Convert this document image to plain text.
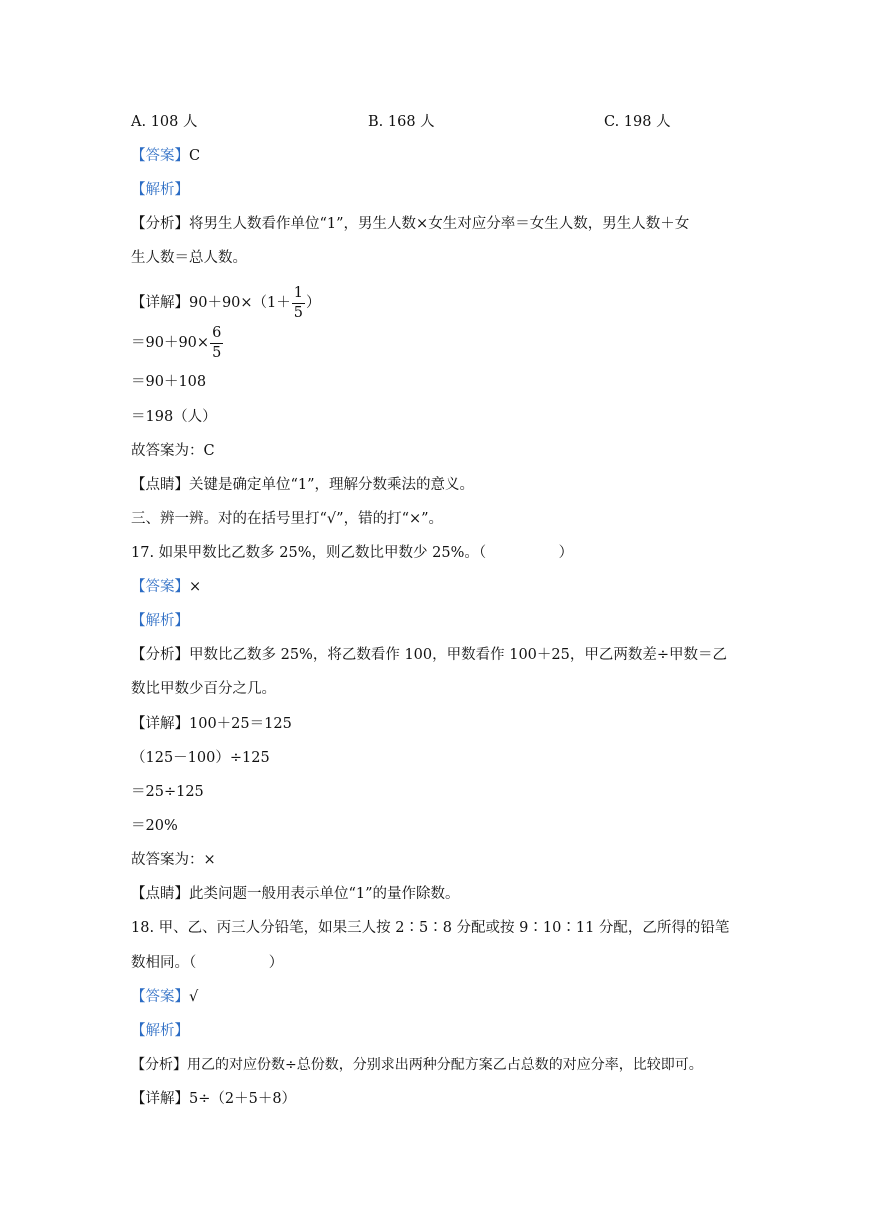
A. 108 人	B. 168 人	C. 198 人
【答案】C
【解析】
【分析】将男生人数看作单位“1”，男生人数×女生对应分率＝女生人数，男生人数＋女
生人数＝总人数。
【详解】$90+90\times(1+ \frac{1}{5}$ ）
$=90+90\times \frac{6}{5}$
＝90＋108
＝198（人）
故答案为：C
【点睛】关键是确定单位“1”，理解分数乘法的意义。
三、辨一辨。对的在括号里打“√”，错的打“×”。
17. 如果甲数比乙数多 25%，则乙数比甲数少 25%。（　　　　　）
【答案】×
【解析】
【分析】甲数比乙数多 25%，将乙数看作 100，甲数看作 100＋25，甲乙两数差÷甲数＝乙
数比甲数少百分之几。
【详解】100＋25＝125
（125－100）÷125
＝25÷125
＝20%
故答案为：×
【点睛】此类问题一般用表示单位“1”的量作除数。
18. 甲、乙、丙三人分铅笔，如果三人按 2∶5∶8 分配或按 9∶10∶11 分配，乙所得的铅笔
数相同。（　　　　　）
【答案】√
【解析】
【分析】用乙的对应份数÷总份数，分别求出两种分配方案乙占总数的对应分率，比较即可。
【详解】5÷（2＋5＋8）
